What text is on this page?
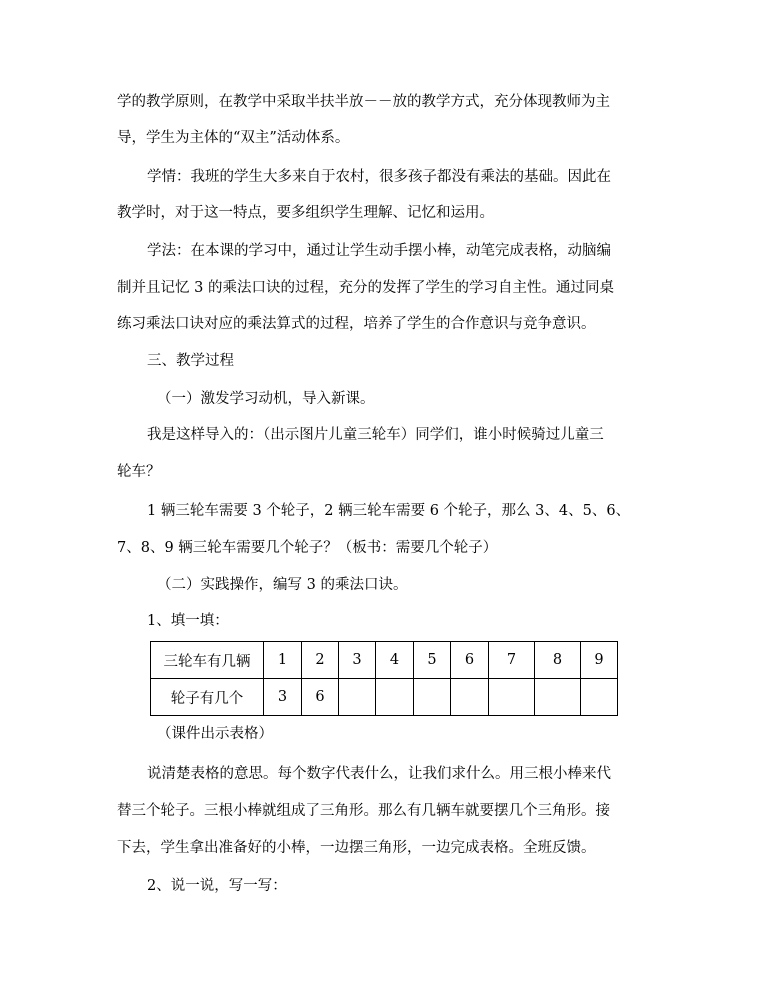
学的教学原则，在教学中采取半扶半放－－放的教学方式，充分体现教师为主
导，学生为主体的“双主”活动体系。
学情：我班的学生大多来自于农村，很多孩子都没有乘法的基础。因此在
教学时，对于这一特点，要多组织学生理解、记忆和运用。
学法：在本课的学习中，通过让学生动手摆小棒，动笔完成表格，动脑编
制并且记忆 3 的乘法口诀的过程，充分的发挥了学生的学习自主性。通过同桌
练习乘法口诀对应的乘法算式的过程，培养了学生的合作意识与竞争意识。
三、教学过程
（一）激发学习动机，导入新课。
我是这样导入的：（出示图片儿童三轮车）同学们，谁小时候骑过儿童三
轮车？
1 辆三轮车需要 3 个轮子，2 辆三轮车需要 6 个轮子，那么 3、4、5、6、
7、8、9 辆三轮车需要几个轮子？（板书：需要几个轮子）
（二）实践操作，编写 3 的乘法口诀。
1、填一填：
三轮车有几辆	1	2	3	4	5	6	7	8	9
轮子有几个	3	6							
（课件出示表格）
说清楚表格的意思。每个数字代表什么，让我们求什么。用三根小棒来代
替三个轮子。三根小棒就组成了三角形。那么有几辆车就要摆几个三角形。接
下去，学生拿出准备好的小棒，一边摆三角形，一边完成表格。全班反馈。
2、说一说，写一写：
